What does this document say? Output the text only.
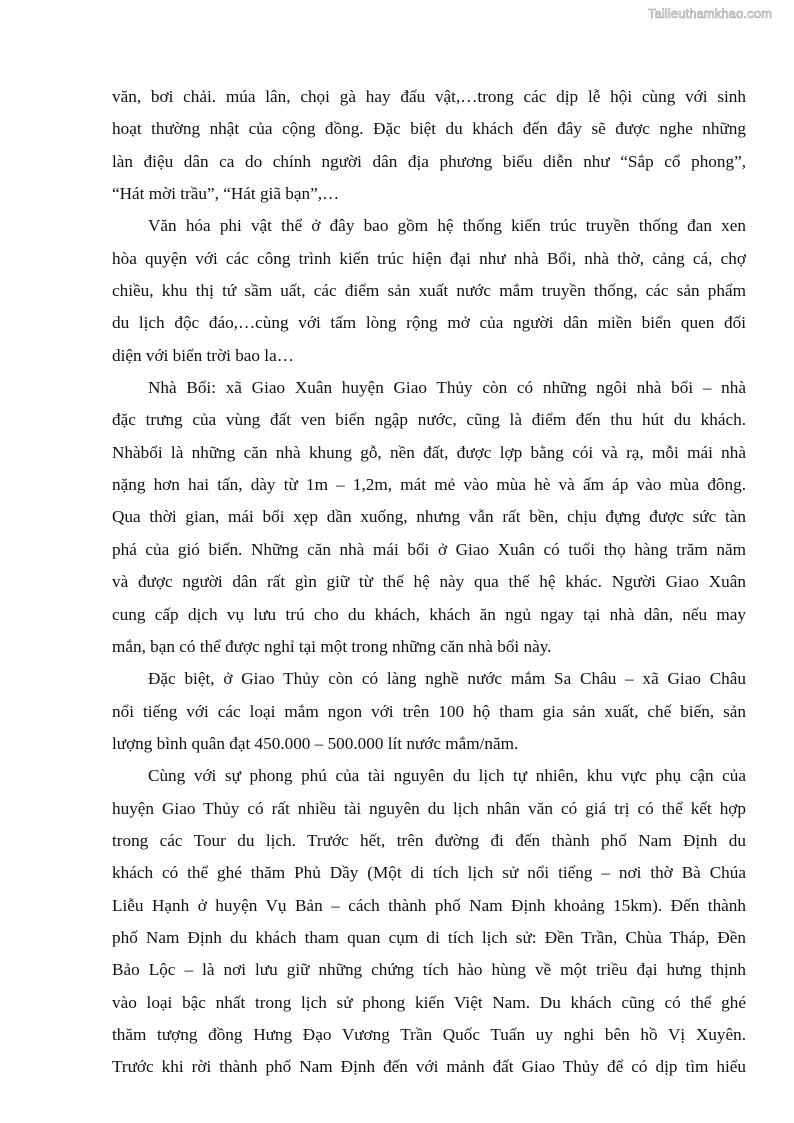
Tailieuthamkhao.com
văn, bơi chải. múa lân, chọi gà hay đấu vật,…trong các dịp lễ hội cùng với sinh
hoạt thường nhật của cộng đồng. Đặc biệt du khách đến đây sẽ được nghe những
làn điệu dân ca do chính người dân địa phương biểu diễn như “Sắp cổ phong”,
“Hát mời trầu”, “Hát giã bạn”,…
Văn hóa phi vật thể ở đây bao gồm hệ thống kiến trúc truyền thống đan xen
hòa quyện với các công trình kiến trúc hiện đại như nhà Bổi, nhà thờ, cảng cá, chợ
chiều, khu thị tứ sầm uất, các điểm sản xuất nước mắm truyền thống, các sản phẩm
du lịch độc đáo,…cùng với tấm lòng rộng mở của người dân miền biển quen đối
diện với biển trời bao la…
Nhà Bổi: xã Giao Xuân huyện Giao Thủy còn có những ngôi nhà bổi – nhà
đặc trưng của vùng đất ven biển ngập nước, cũng là điểm đến thu hút du khách.
Nhàbổi là những căn nhà khung gỗ, nền đất, được lợp bằng cói và rạ, mỗi mái nhà
nặng hơn hai tấn, dày từ 1m – 1,2m, mát mẻ vào mùa hè và ấm áp vào mùa đông.
Qua thời gian, mái bổi xẹp dần xuống, nhưng vẫn rất bền, chịu đựng được sức tàn
phá của gió biển. Những căn nhà mái bổi ở Giao Xuân có tuổi thọ hàng trăm năm
và được người dân rất gìn giữ từ thế hệ này qua thế hệ khác. Người Giao Xuân
cung cấp dịch vụ lưu trú cho du khách, khách ăn ngủ ngay tại nhà dân, nếu may
mắn, bạn có thể được nghỉ tại một trong những căn nhà bổi này.
Đặc biệt, ở Giao Thủy còn có làng nghề nước mắm Sa Châu – xã Giao Châu
nổi tiếng với các loại mắm ngon với trên 100 hộ tham gia sản xuất, chế biến, sản
lượng bình quân đạt 450.000 – 500.000 lít nước mắm/năm.
Cùng với sự phong phú của tài nguyên du lịch tự nhiên, khu vực phụ cận của
huyện Giao Thủy có rất nhiều tài nguyên du lịch nhân văn có giá trị có thể kết hợp
trong các Tour du lịch. Trước hết, trên đường đi đến thành phố Nam Định du
khách có thể ghé thăm Phủ Dầy (Một di tích lịch sử nổi tiếng – nơi thờ Bà Chúa
Liễu Hạnh ở huyện Vụ Bản – cách thành phố Nam Định khoảng 15km). Đến thành
phố Nam Định du khách tham quan cụm di tích lịch sử: Đền Trần, Chùa Tháp, Đền
Bảo Lộc – là nơi lưu giữ những chứng tích hào hùng về một triều đại hưng thịnh
vào loại bậc nhất trong lịch sử phong kiến Việt Nam. Du khách cũng có thể ghé
thăm tượng đồng Hưng Đạo Vương Trần Quốc Tuấn uy nghi bên hồ Vị Xuyên.
Trước khi rời thành phố Nam Định đến với mảnh đất Giao Thủy để có dịp tìm hiểu
